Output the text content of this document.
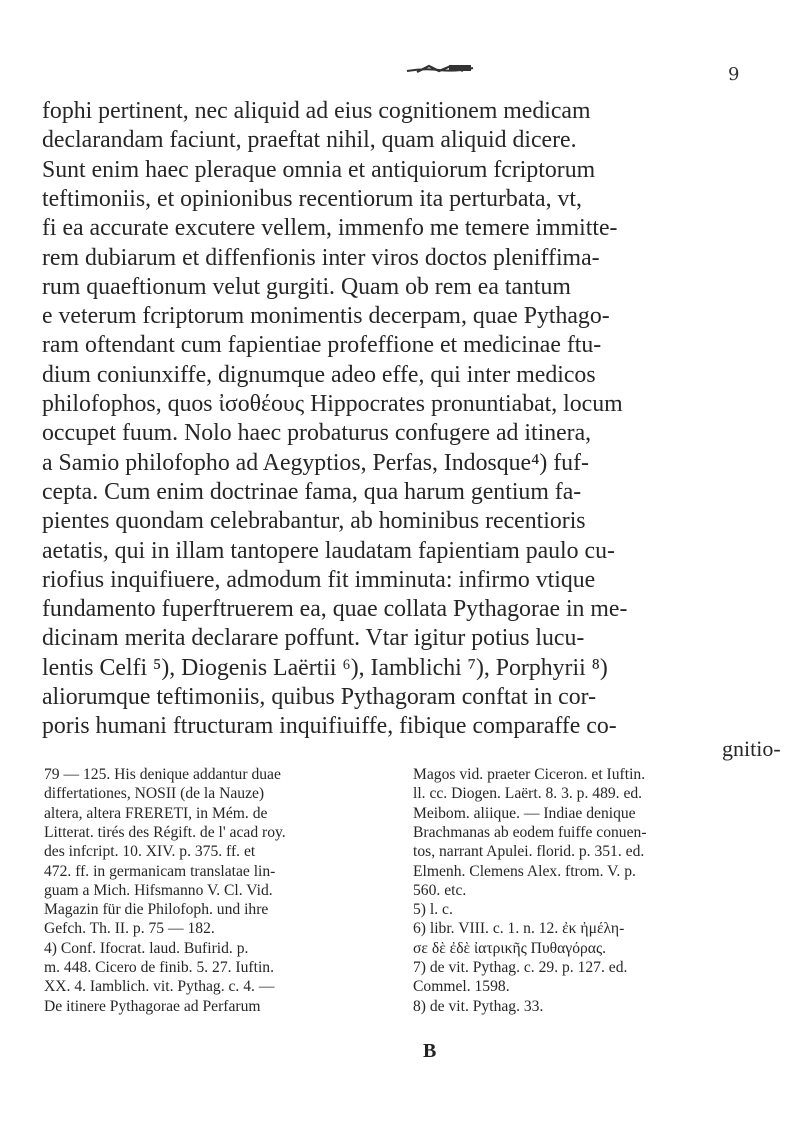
9
fophi pertinent, nec aliquid ad eius cognitionem medicam
declarandam faciunt, praeftat nihil, quam aliquid dicere.
Sunt enim haec pleraque omnia et antiquiorum fcriptorum
teftimoniis, et opinionibus recentiorum ita perturbata, vt,
fi ea accurate excutere vellem, immenfo me temere immitte-
rem dubiarum et diffenfionis inter viros doctos pleniffima-
rum quaeftionum velut gurgiti. Quam ob rem ea tantum
e veterum fcriptorum monimentis decerpam, quae Pythago-
ram oftendant cum fapientiae profeffione et medicinae ftu-
dium coniunxiffe, dignumque adeo effe, qui inter medicos
philofophos, quos ἰσοθέους Hippocrates pronuntiabat, locum
occupet fuum. Nolo haec probaturus confugere ad itinera,
a Samio philofopho ad Aegyptios, Perfas, Indosque⁴) fuf-
cepta. Cum enim doctrinae fama, qua harum gentium fa-
pientes quondam celebrabantur, ab hominibus recentioris
aetatis, qui in illam tantopere laudatam fapientiam paulo cu-
riofius inquifiuere, admodum fit imminuta: infirmo vtique
fundamento fuperftruerem ea, quae collata Pythagorae in me-
dicinam merita declarare poffunt. Vtar igitur potius lucu-
lentis Celfi ⁵), Diogenis Laërtii ⁶), Iamblichi ⁷), Porphyrii ⁸)
aliorumque teftimoniis, quibus Pythagoram conftat in cor-
poris humani ftructuram inquifiuiffe, fibique comparaffe co-
gnitio-
79 — 125. His denique addantur duae
differtationes, NOSII (de la Nauze)
altera, altera FRERETI, in Mém. de
Litterat. tirés des Régift. de l' acad roy.
des infcript. 10. XIV. p. 375. ff. et
472. ff. in germanicam translatae lin-
guam a Mich. Hifsmanno V. Cl. Vid.
Magazin für die Philofoph. und ihre
Gefch. Th. II. p. 75 — 182.
4) Conf. Ifocrat. laud. Bufirid. p.
m. 448. Cicero de finib. 5. 27. Iuftin.
XX. 4. Iamblich. vit. Pythag. c. 4. —
De itinere Pythagorae ad Perfarum
Magos vid. praeter Ciceron. et Iuftin.
ll. cc. Diogen. Laërt. 8. 3. p. 489. ed.
Meibom. aliique. — Indiae denique
Brachmanas ab eodem fuiffe conuen-
tos, narrant Apulei. florid. p. 351. ed.
Elmenh. Clemens Alex. ftrom. V. p.
560. etc.
5) l. c.
6) libr. VIII. c. 1. n. 12. ἐκ ἠμέλη-
σε δὲ ἐδὲ ἰατρικῆς Πυθαγόρας.
7) de vit. Pythag. c. 29. p. 127. ed.
Commel. 1598.
8) de vit. Pythag. 33.
B
